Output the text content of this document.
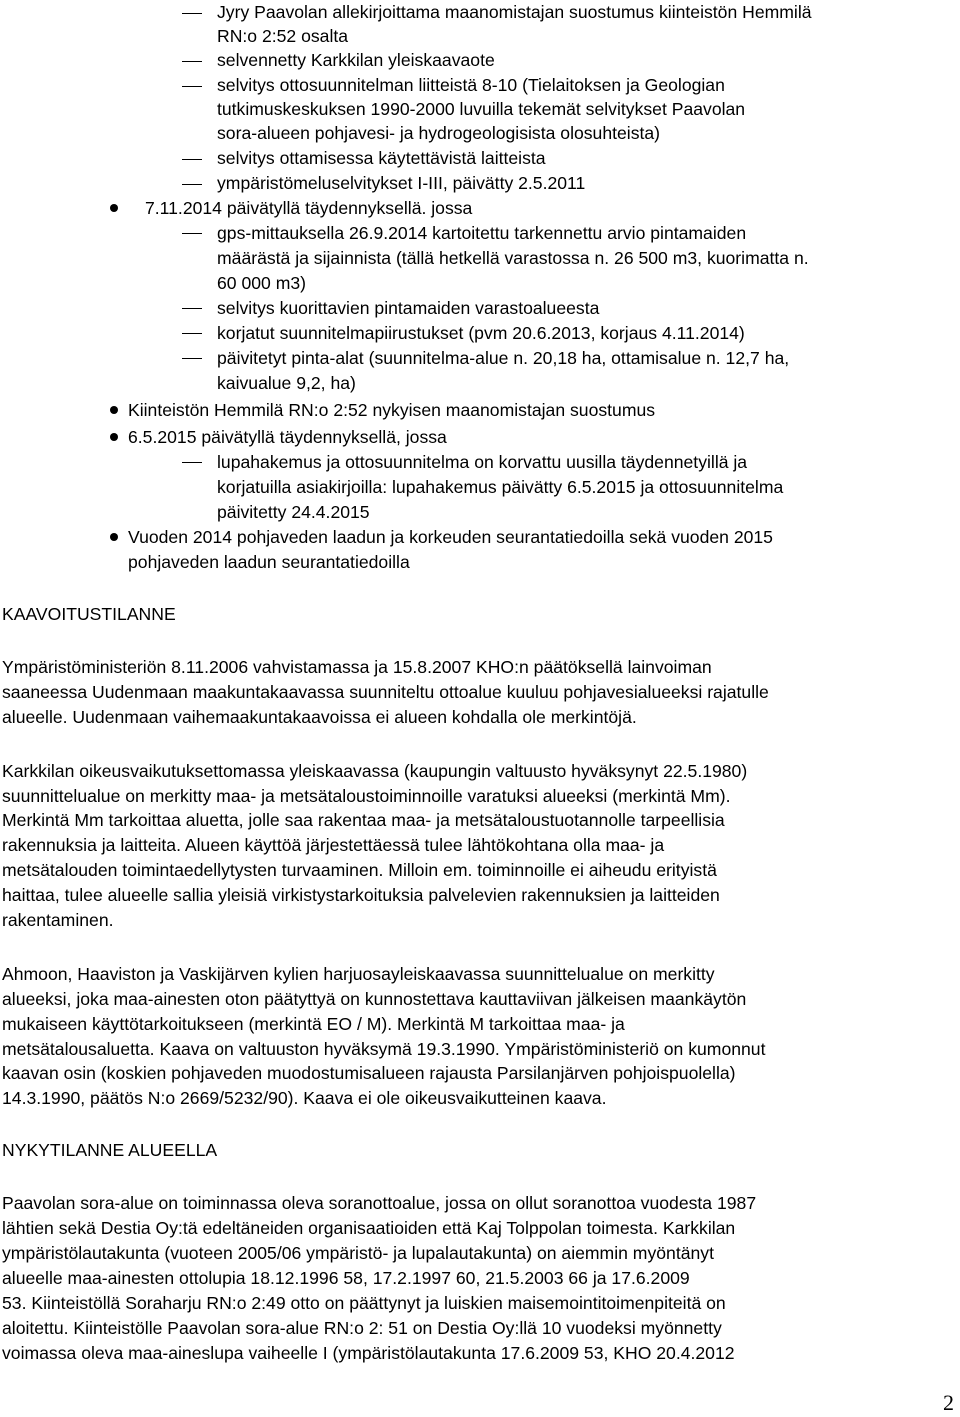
Jyry Paavolan allekirjoittama maanomistajan suostumus kiinteistön Hemmilä
RN:o 2:52 osalta
selvennetty Karkkilan yleiskaavaote
selvitys ottosuunnitelman liitteistä 8-10 (Tielaitoksen ja Geologian
tutkimuskeskuksen 1990-2000 luvuilla tekemät selvitykset Paavolan
sora-alueen pohjavesi- ja hydrogeologisista olosuhteista)
selvitys ottamisessa käytettävistä laitteista
ympäristömeluselvitykset I-III, päivätty 2.5.2011
7.11.2014 päivätyllä täydennyksellä. jossa
gps-mittauksella 26.9.2014 kartoitettu tarkennettu arvio pintamaiden
määrästä ja sijainnista (tällä hetkellä varastossa n. 26 500 m3, kuorimatta n.
60 000 m3)
selvitys kuorittavien pintamaiden varastoalueesta
korjatut suunnitelmapiirustukset (pvm 20.6.2013, korjaus 4.11.2014)
päivitetyt pinta-alat (suunnitelma-alue n. 20,18 ha, ottamisalue n. 12,7 ha,
kaivualue 9,2, ha)
Kiinteistön Hemmilä RN:o 2:52 nykyisen maanomistajan suostumus
6.5.2015 päivätyllä täydennyksellä, jossa
lupahakemus ja ottosuunnitelma on korvattu uusilla täydennetyillä ja
korjatuilla asiakirjoilla: lupahakemus päivätty 6.5.2015 ja ottosuunnitelma
päivitetty 24.4.2015
Vuoden 2014 pohjaveden laadun ja korkeuden seurantatiedoilla sekä vuoden 2015
pohjaveden laadun seurantatiedoilla
KAAVOITUSTILANNE
Ympäristöministeriön 8.11.2006 vahvistamassa ja 15.8.2007 KHO:n päätöksellä lainvoiman
saaneessa Uudenmaan maakuntakaavassa suunniteltu ottoalue kuuluu pohjavesialueeksi rajatulle
alueelle. Uudenmaan vaihemaakuntakaavoissa ei alueen kohdalla ole merkintöjä.
Karkkilan oikeusvaikutuksettomassa yleiskaavassa (kaupungin valtuusto hyväksynyt 22.5.1980)
suunnittelualue on merkitty maa- ja metsätaloustoiminnoille varatuksi alueeksi (merkintä Mm).
Merkintä Mm tarkoittaa aluetta, jolle saa rakentaa maa- ja metsätaloustuotannolle tarpeellisia
rakennuksia ja laitteita. Alueen käyttöä järjestettäessä tulee lähtökohtana olla maa- ja
metsätalouden toimintaedellytysten turvaaminen. Milloin em. toiminnoille ei aiheudu erityistä
haittaa, tulee alueelle sallia yleisiä virkistystarkoituksia palvelevien rakennuksien ja laitteiden
rakentaminen.
Ahmoon, Haaviston ja Vaskijärven kylien harjuosayleiskaavassa suunnittelualue on merkitty
alueeksi, joka maa-ainesten oton päätyttyä on kunnostettava kauttaviivan jälkeisen maankäytön
mukaiseen käyttötarkoitukseen (merkintä EO / M). Merkintä M tarkoittaa maa- ja
metsätalousaluetta. Kaava on valtuuston hyväksymä 19.3.1990. Ympäristöministeriö on kumonnut
kaavan osin (koskien pohjaveden muodostumisalueen rajausta Parsilanjärven pohjoispuolella)
14.3.1990, päätös N:o 2669/5232/90). Kaava ei ole oikeusvaikutteinen kaava.
NYKYTILANNE ALUEELLA
Paavolan sora-alue on toiminnassa oleva soranottoalue, jossa on ollut soranottoa vuodesta 1987
lähtien sekä Destia Oy:tä edeltäneiden organisaatioiden että Kaj Tolppolan toimesta. Karkkilan
ympäristölautakunta (vuoteen 2005/06 ympäristö- ja lupalautakunta) on aiemmin myöntänyt
alueelle maa-ainesten ottolupia 18.12.1996 58, 17.2.1997 60, 21.5.2003 66 ja 17.6.2009
53. Kiinteistöllä Soraharju RN:o 2:49 otto on päättynyt ja luiskien maisemointitoimenpiteitä on
aloitettu. Kiinteistölle Paavolan sora-alue RN:o 2: 51 on Destia Oy:llä 10 vuodeksi myönnetty
voimassa oleva maa-aineslupa vaiheelle I (ympäristölautakunta 17.6.2009 53, KHO 20.4.2012
2
